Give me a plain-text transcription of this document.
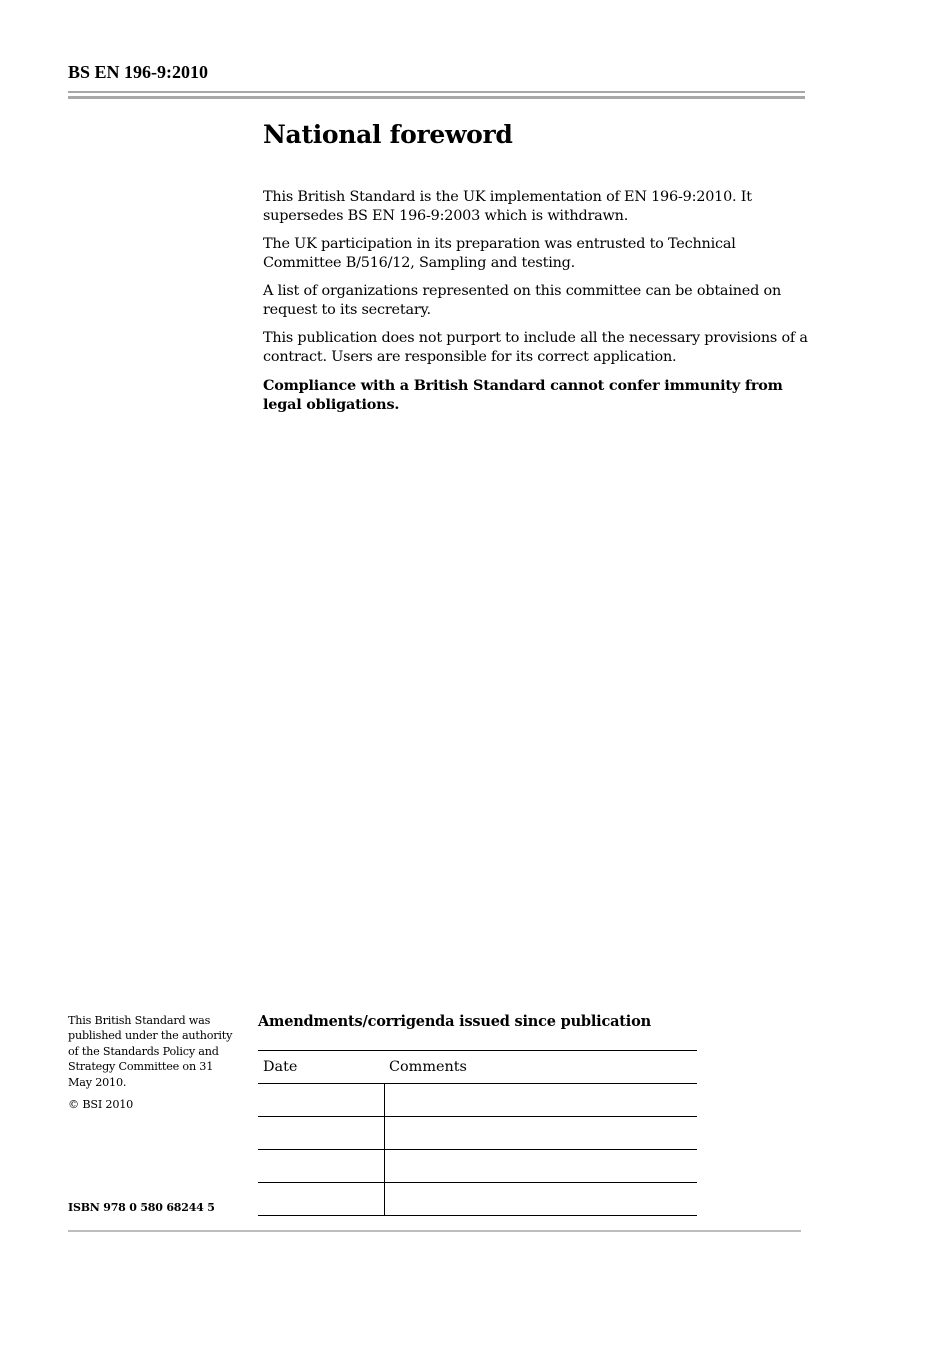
BS EN 196-9:2010
National foreword

This British Standard is the UK implementation of EN 196-9:2010. It supersedes BS EN 196-9:2003 which is withdrawn.

The UK participation in its preparation was entrusted to Technical Committee B/516/12, Sampling and testing.

A list of organizations represented on this committee can be obtained on request to its secretary.

This publication does not purport to include all the necessary provisions of a contract. Users are responsible for its correct application.

Compliance with a British Standard cannot confer immunity from legal obligations.

This British Standard was published under the authority of the Standards Policy and Strategy Committee on 31 May 2010.

© BSI 2010

ISBN 978 0 580 68244 5
Amendments/corrigenda issued since publication
Date	Comments
